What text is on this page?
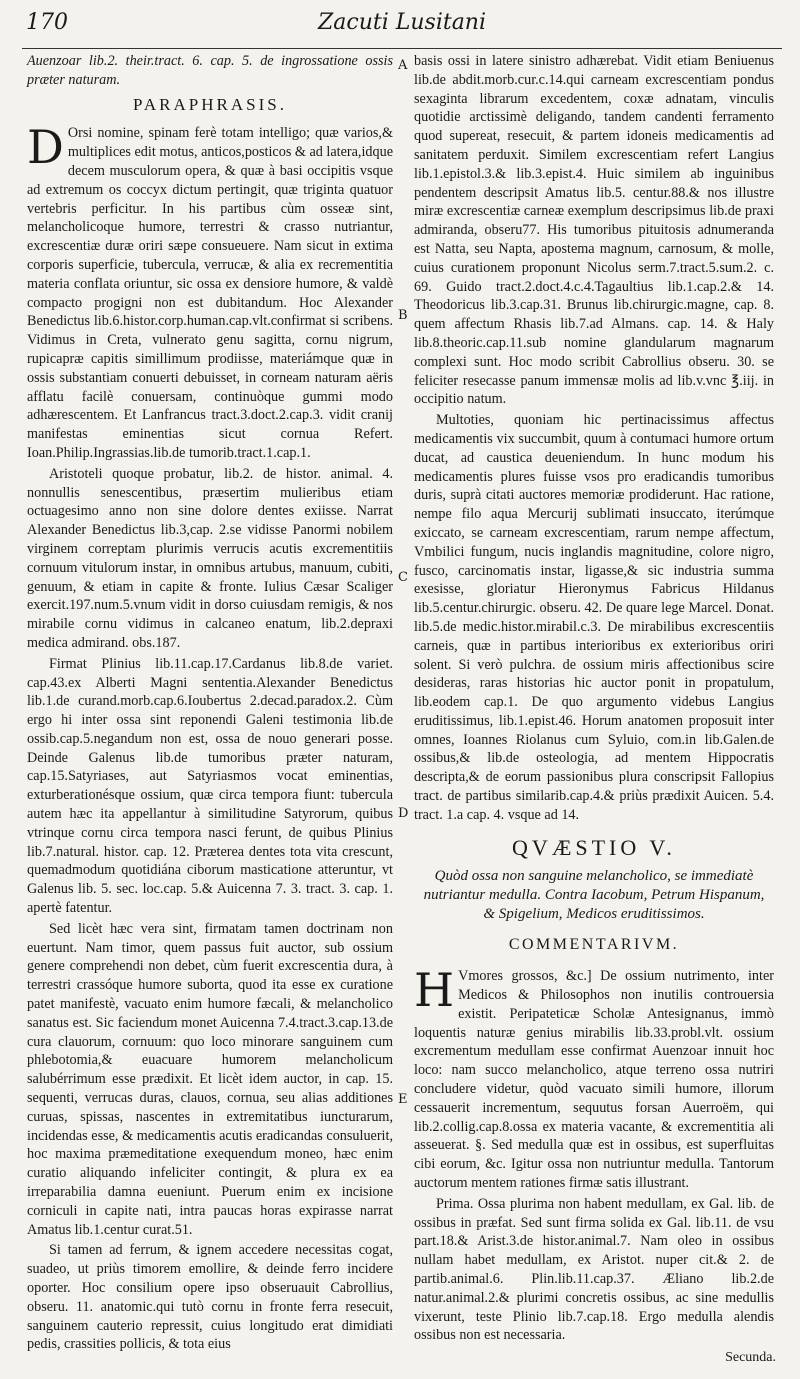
170	Zacuti Lusitani
A
B
C
D
E

Auenzoar lib.2. their.tract. 6. cap. 5. de ingrossatione ossis præter naturam.

PARAPHRASIS.

D Orsi nomine, spinam ferè totam intelligo; quæ varios,& multiplices edit motus, anticos,posticos & ad latera,idque decem musculorum opera, & quæ à basi occipitis vsque ad extremum os coccyx dictum pertingit, quæ triginta quatuor vertebris perficitur. In his partibus cùm osseæ sint, melancholicoque humore, terrestri & crasso nutriantur, excrescentiæ duræ oriri sæpe consueuere. Nam sicut in extima corporis superficie, tubercula, verrucæ, & alia ex recrementitia materia conflata oriuntur, sic ossa ex densiore humore, & valdè compacto progigni non est dubitandum. Hoc Alexander Benedictus lib.6.histor.corp.human.cap.vlt.confirmat si scribens. Vidimus in Creta, vulnerato genu sagitta, cornu nigrum, rupicapræ capitis simillimum prodiisse, materiámque quæ in ossis substantiam conuerti debuisset, in corneam naturam aëris afflatu facilè conuersam, continuòque gummi modo adhærescentem. Et Lanfrancus tract.3.doct.2.cap.3. vidit cranij manifestas eminentias sicut cornua Refert. Ioan.Philip.Ingrassias.lib.de tumorib.tract.1.cap.1.

Aristoteli quoque probatur, lib.2. de histor. animal. 4. nonnullis senescentibus, præsertim mulieribus etiam octuagesimo anno non sine dolore dentes exiisse. Narrat Alexander Benedictus lib.3,cap. 2.se vidisse Panormi nobilem virginem correptam plurimis verrucis acutis excrementitiis cornuum vitulorum instar, in omnibus artubus, manuum, cubiti, genuum, & etiam in capite & fronte. Iulius Cæsar Scaliger exercit.197.num.5.vnum vidit in dorso cuiusdam remigis, & nos mirabile cornu vidimus in calcaneo enatum, lib.2.depraxi medica admirand. obs.187.

Firmat Plinius lib.11.cap.17.Cardanus lib.8.de variet. cap.43.ex Alberti Magni sententia.Alexander Benedictus lib.1.de curand.morb.cap.6.Ioubertus 2.decad.paradox.2. Cùm ergo hi inter ossa sint reponendi Galeni testimonia lib.de ossib.cap.5.negandum non est, ossa de nouo generari posse. Deinde Galenus lib.de tumoribus præter naturam, cap.15.Satyriases, aut Satyriasmos vocat eminentias, exturberationésque ossium, quæ circa tempora fiunt: tubercula autem hæc ita appellantur à similitudine Satyrorum, quibus vtrinque cornu circa tempora nasci ferunt, de quibus Plinius lib.7.natural. histor. cap. 12. Præterea dentes tota vita crescunt, quemadmodum quotidiána ciborum masticatione atteruntur, vt Galenus lib. 5. sec. loc.cap. 5.& Auicenna 7. 3. tract. 3. cap. 1. apertè fatentur.

Sed licèt hæc vera sint, firmatam tamen doctrinam non euertunt. Nam timor, quem passus fuit auctor, sub ossium genere comprehendi non debet, cùm fuerit excrescentia dura, à terrestri crassóque humore suborta, quod ita esse ex curatione patet manifestè, vacuato enim humore fæcali, & melancholico sanatus est. Sic faciendum monet Auicenna 7.4.tract.3.cap.13.de cura clauorum, cornuum: quo loco minorare sanguinem cum phlebotomia,& euacuare humorem melancholicum salubérrimum esse prædixit. Et licèt idem auctor, in cap. 15. sequenti, verrucas duras, clauos, cornua, seu alias additiones curuas, spissas, nascentes in extremitatibus iuncturarum, incidendas esse, & medicamentis acutis eradicandas consuluerit, hoc maxima præmeditatione exequendum moneo, hæc enim curatio aliquando infeliciter contingit, & plura ex ea irreparabilia damna eueniunt. Puerum enim ex incisione corniculi in capite nati, intra paucas horas expirasse narrat Amatus lib.1.centur curat.51.

Si tamen ad ferrum, & ignem accedere necessitas cogat, suadeo, ut priùs timorem emollire, & deinde ferro incidere oporter. Hoc consilium opere ipso obseruauit Cabrollius, obseru. 11. anatomic.qui tutò cornu in fronte ferra resecuit, sanguinem cauterio repressit, cuius longitudo erat dimidiati pedis, crassities pollicis, & tota eius

basis ossi in latere sinistro adhærebat. Vidit etiam Beniuenus lib.de abdit.morb.cur.c.14.qui carneam excrescentiam pondus sexaginta librarum excedentem, coxæ adnatam, vinculis quotidie arctissimè deligando, tandem candenti ferramento quod supereat, resecuit, & partem idoneis medicamentis ad sanitatem perduxit. Similem excrescentiam refert Langius lib.1.epistol.3.& lib.3.epist.4. Huic similem ab inguinibus pendentem descripsit Amatus lib.5. centur.88.& nos illustre miræ excrescentiæ carneæ exemplum descripsimus lib.de praxi admiranda, obseru77. His tumoribus pituitosis adnumeranda est Natta, seu Napta, apostema magnum, carnosum, & molle, cuius curationem proponunt Nicolus serm.7.tract.5.sum.2. c. 69. Guido tract.2.doct.4.c.4.Tagaultius lib.1.cap.2.& 14. Theodoricus lib.3.cap.31. Brunus lib.chirurgic.magne, cap. 8. quem affectum Rhasis lib.7.ad Almans. cap. 14. & Haly lib.8.theoric.cap.11.sub nomine glandularum magnarum complexi sunt. Hoc modo scribit Cabrollius obseru. 30. se feliciter resecasse panum immensæ molis ad lib.v.vnc ℥.iij. in occipitio natum.

Multoties, quoniam hic pertinacissimus affectus medicamentis vix succumbit, quum à contumaci humore ortum ducat, ad caustica deueniendum. In hunc modum his medicamentis plures fuisse vsos pro eradicandis tumoribus duris, suprà citati auctores memoriæ prodiderunt. Hac ratione, nempe filo aqua Mercurij sublimati insuccato, iterúmque exiccato, se carneam excrescentiam, rarum nempe affectum, Vmbilici fungum, nucis inglandis magnitudine, colore nigro, fusco, carcinomatis instar, ligasse,& sic industria summa exesisse, gloriatur Hieronymus Fabricus Hildanus lib.5.centur.chirurgic. obseru. 42. De quare lege Marcel. Donat. lib.5.de medic.histor.mirabil.c.3. De mirabilibus excrescentiis carneis, quæ in partibus interioribus ex exterioribus oriri solent. Si verò pulchra. de ossium miris affectionibus scire desideras, raras historias hic auctor ponit in propatulum, lib.eodem cap.1. De quo argumento videbus Langius eruditissimus, lib.1.epist.46. Horum anatomen proposuit inter omnes, Ioannes Riolanus cum Syluio, com.in lib.Galen.de ossibus,& lib.de osteologia, ad mentem Hippocratis descripta,& de eorum passionibus plura conscripsit Fallopius tract. de partibus similarib.cap.4.& priùs prædixit Auicen. 5.4. tract. 1.a cap. 4. vsque ad 14.

QVÆSTIO V.
Quòd ossa non sanguine melancholico, se immediatè nutriantur medulla. Contra Iacobum, Petrum Hispanum, & Spigelium, Medicos eruditissimos.
COMMENTARIVM.

H Vmores grossos, &c.] De ossium nutrimento, inter Medicos & Philosophos non inutilis controuersia existit. Peripateticæ Scholæ Antesignanus, immò loquentis naturæ genius mirabilis lib.33.probl.vlt. ossium excrementum medullam esse confirmat Auenzoar innuit hoc loco: nam succo melancholico, atque terreno ossa nutriri concludere videtur, quòd vacuato simili humore, illorum cessauerit incrementum, sequutus forsan Auerroëm, qui lib.2.collig.cap.8.ossa ex materia vacante, & excrementitia ali asseuerat. §. Sed medulla quæ est in ossibus, est superfluitas cibi eorum, &c. Igitur ossa non nutriuntur medulla. Tantorum auctorum mentem rationes firmæ satis illustrant.

Prima. Ossa plurima non habent medullam, ex Gal. lib. de ossibus in præfat. Sed sunt firma solida ex Gal. lib.11. de vsu part.18.& Arist.3.de histor.animal.7. Nam oleo in ossibus nullam habet medullam, ex Aristot. nuper cit.& 2. de partib.animal.6. Plin.lib.11.cap.37. Æliano lib.2.de natur.animal.2.& plurimi concretis ossibus, ac sine medullis vixerunt, teste Plinio lib.7.cap.18. Ergo medulla alendis ossibus non est necessaria.

Secunda.
